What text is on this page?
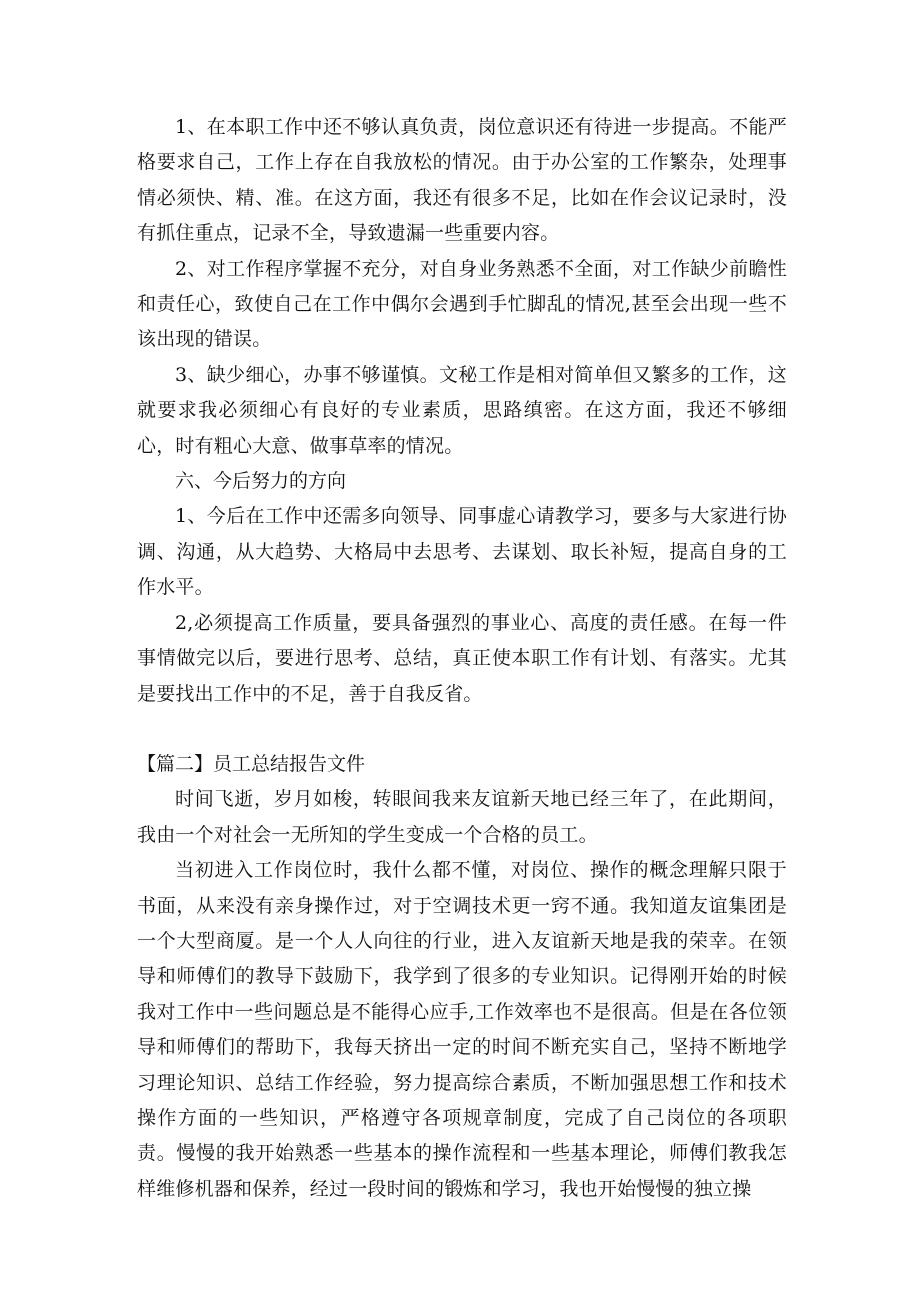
1、在本职工作中还不够认真负责，岗位意识还有待进一步提高。不能严格要求自己，工作上存在自我放松的情况。由于办公室的工作繁杂，处理事情必须快、精、准。在这方面，我还有很多不足，比如在作会议记录时，没有抓住重点，记录不全，导致遗漏一些重要内容。

2、对工作程序掌握不充分，对自身业务熟悉不全面，对工作缺少前瞻性和责任心，致使自己在工作中偶尔会遇到手忙脚乱的情况,甚至会出现一些不该出现的错误。

3、缺少细心，办事不够谨慎。文秘工作是相对简单但又繁多的工作，这就要求我必须细心有良好的专业素质，思路缜密。在这方面，我还不够细心，时有粗心大意、做事草率的情况。

六、今后努力的方向

1、今后在工作中还需多向领导、同事虚心请教学习，要多与大家进行协调、沟通，从大趋势、大格局中去思考、去谋划、取长补短，提高自身的工作水平。

2,必须提高工作质量，要具备强烈的事业心、高度的责任感。在每一件事情做完以后，要进行思考、总结，真正使本职工作有计划、有落实。尤其是要找出工作中的不足，善于自我反省。

【篇二】员工总结报告文件

时间飞逝，岁月如梭，转眼间我来友谊新天地已经三年了，在此期间，我由一个对社会一无所知的学生变成一个合格的员工。

当初进入工作岗位时，我什么都不懂，对岗位、操作的概念理解只限于书面，从来没有亲身操作过，对于空调技术更一窍不通。我知道友谊集团是一个大型商厦。是一个人人向往的行业，进入友谊新天地是我的荣幸。在领导和师傅们的教导下鼓励下，我学到了很多的专业知识。记得刚开始的时候我对工作中一些问题总是不能得心应手,工作效率也不是很高。但是在各位领导和师傅们的帮助下，我每天挤出一定的时间不断充实自己，坚持不断地学习理论知识、总结工作经验，努力提高综合素质，不断加强思想工作和技术操作方面的一些知识，严格遵守各项规章制度，完成了自己岗位的各项职责。慢慢的我开始熟悉一些基本的操作流程和一些基本理论，师傅们教我怎样维修机器和保养，经过一段时间的锻炼和学习，我也开始慢慢的独立操
